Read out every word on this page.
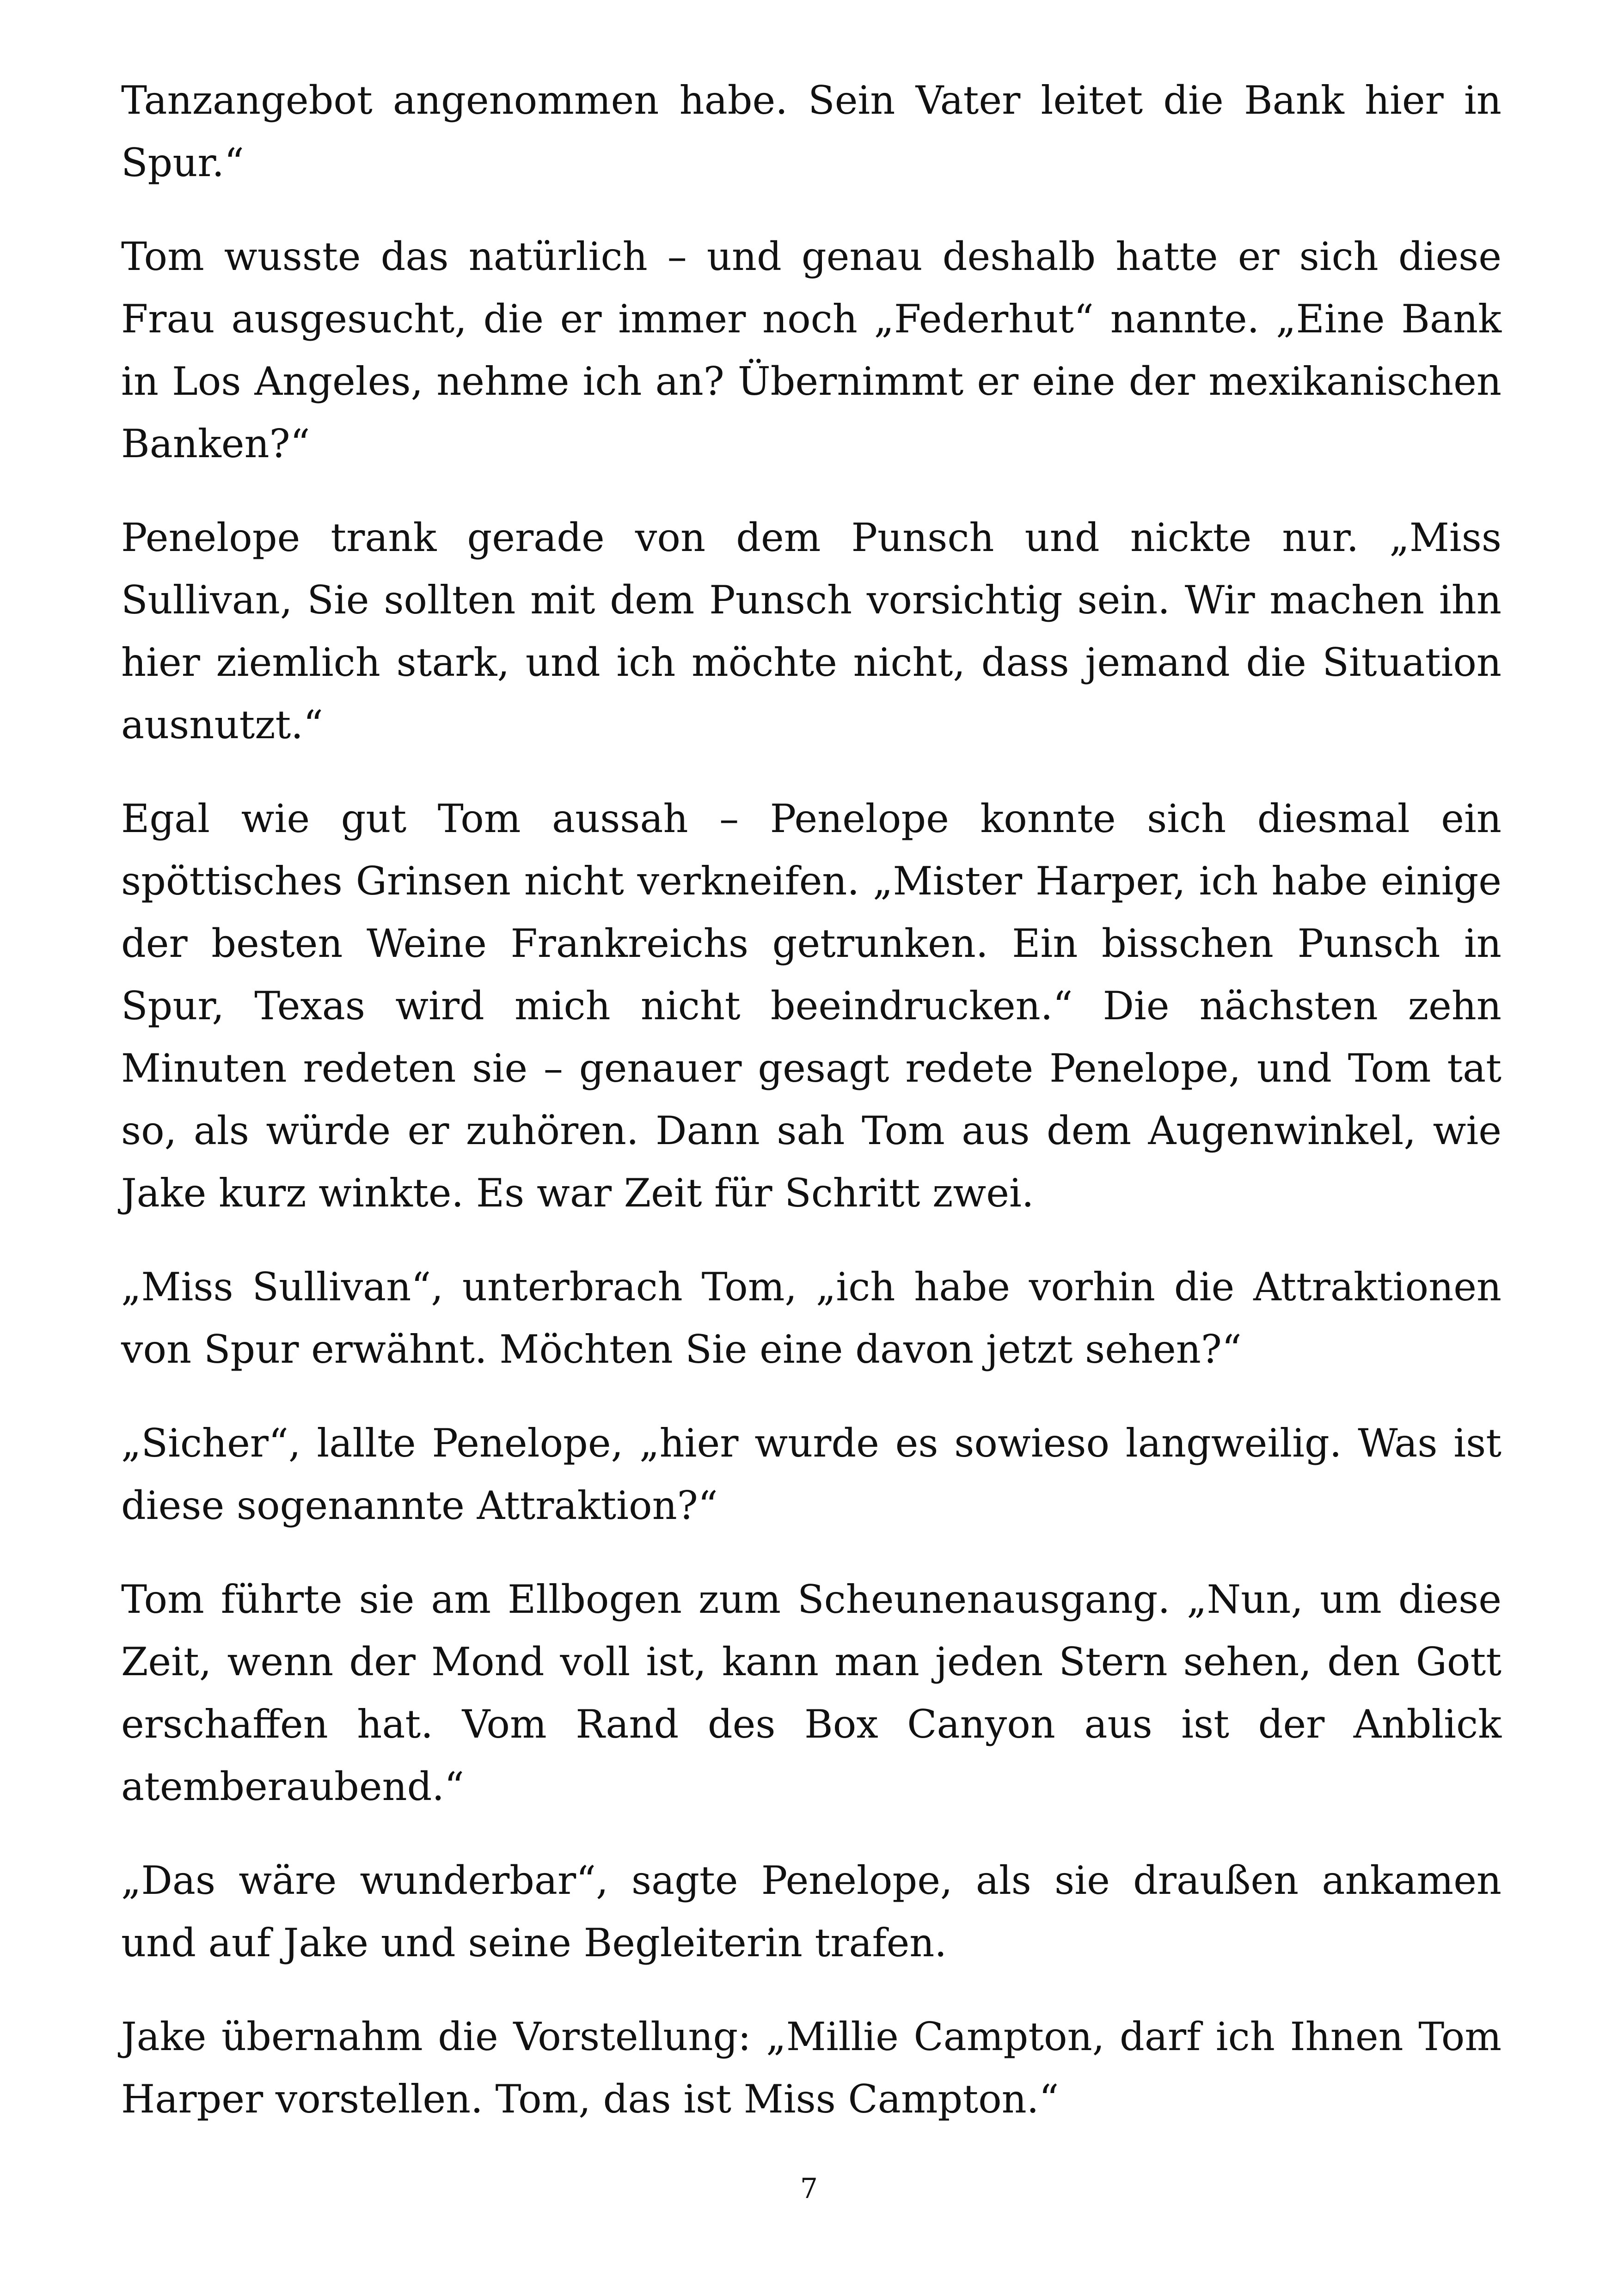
Tanzangebot angenommen habe. Sein Vater leitet die Bank hier in Spur.“

Tom wusste das natürlich – und genau deshalb hatte er sich diese Frau ausgesucht, die er immer noch „Federhut“ nannte. „Eine Bank in Los Angeles, nehme ich an? Übernimmt er eine der mexikanischen Banken?“

Penelope trank gerade von dem Punsch und nickte nur. „Miss Sullivan, Sie sollten mit dem Punsch vorsichtig sein. Wir machen ihn hier ziemlich stark, und ich möchte nicht, dass jemand die Situation ausnutzt.“

Egal wie gut Tom aussah – Penelope konnte sich diesmal ein spöttisches Grinsen nicht verkneifen. „Mister Harper, ich habe einige der besten Weine Frankreichs getrunken. Ein bisschen Punsch in Spur, Texas wird mich nicht beeindrucken.“ Die nächsten zehn Minuten redeten sie – genauer gesagt redete Penelope, und Tom tat so, als würde er zuhören. Dann sah Tom aus dem Augenwinkel, wie Jake kurz winkte. Es war Zeit für Schritt zwei.

„Miss Sullivan“, unterbrach Tom, „ich habe vorhin die Attraktionen von Spur erwähnt. Möchten Sie eine davon jetzt sehen?“

„Sicher“, lallte Penelope, „hier wurde es sowieso langweilig. Was ist diese sogenannte Attraktion?“

Tom führte sie am Ellbogen zum Scheunenausgang. „Nun, um diese Zeit, wenn der Mond voll ist, kann man jeden Stern sehen, den Gott erschaffen hat. Vom Rand des Box Canyon aus ist der Anblick atemberaubend.“

„Das wäre wunderbar“, sagte Penelope, als sie draußen ankamen und auf Jake und seine Begleiterin trafen.

Jake übernahm die Vorstellung: „Millie Campton, darf ich Ihnen Tom Harper vorstellen. Tom, das ist Miss Campton.“

7
